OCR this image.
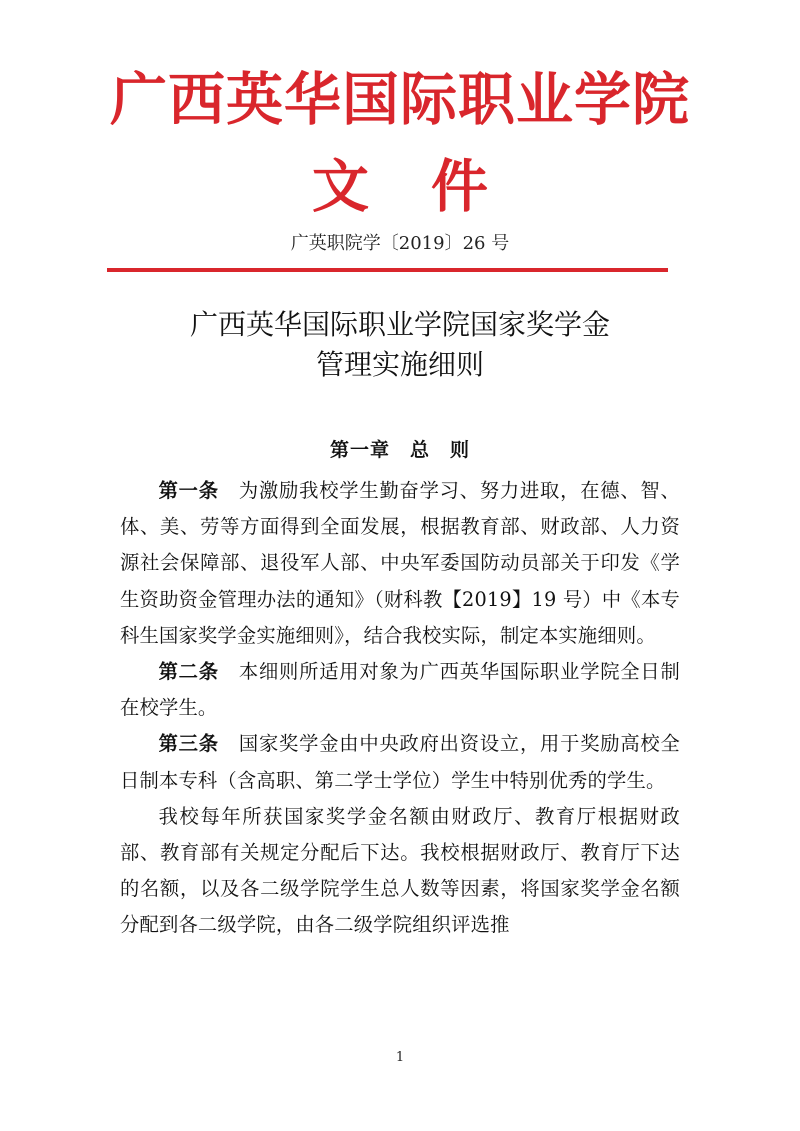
广西英华国际职业学院
文件
广英职院学〔2019〕26 号
广西英华国际职业学院国家奖学金
管理实施细则
第一章　总　则

第一条　 为激励我校学生勤奋学习、努力进取，在德、智、体、美、劳等方面得到全面发展，根据教育部、财政部、人力资源社会保障部、退役军人部、中央军委国防动员部关于印发《学生资助资金管理办法的通知》（财科教【2019】19 号）中《本专科生国家奖学金实施细则》，结合我校实际，制定本实施细则。

第二条　 本细则所适用对象为广西英华国际职业学院全日制在校学生。

第三条　 国家奖学金由中央政府出资设立，用于奖励高校全日制本专科（含高职、第二学士学位）学生中特别优秀的学生。

我校每年所获国家奖学金名额由财政厅、教育厅根据财政部、教育部有关规定分配后下达。我校根据财政厅、教育厅下达的名额，以及各二级学院学生总人数等因素，将国家奖学金名额分配到各二级学院，由各二级学院组织评选推

1
